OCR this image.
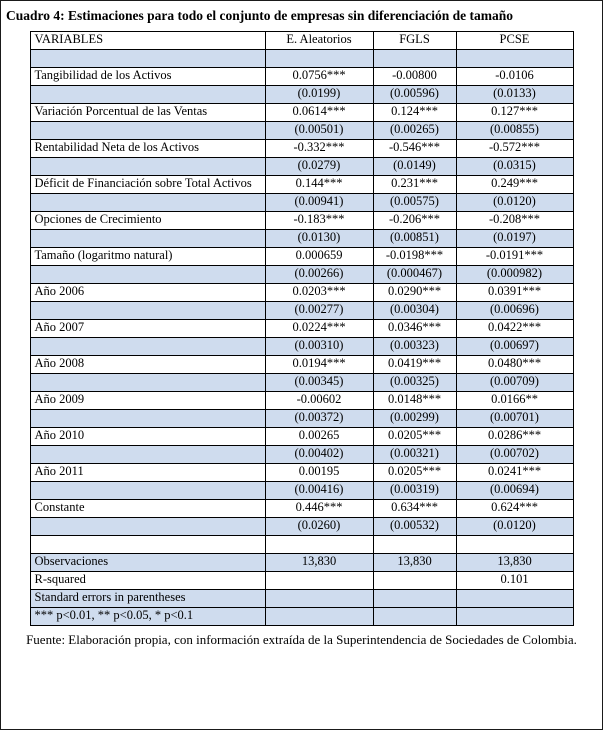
Cuadro 4: Estimaciones para todo el conjunto de empresas sin diferenciación de tamaño
VARIABLES	E. Aleatorios	FGLS	PCSE

Tangibilidad de los Activos	0.0756***	-0.00800	-0.0106
	(0.0199)	(0.00596)	(0.0133)
Variación Porcentual de las Ventas	0.0614***	0.124***	0.127***
	(0.00501)	(0.00265)	(0.00855)
Rentabilidad Neta de los Activos	-0.332***	-0.546***	-0.572***
	(0.0279)	(0.0149)	(0.0315)
Déficit de Financiación sobre Total Activos	0.144***	0.231***	0.249***
	(0.00941)	(0.00575)	(0.0120)
Opciones de Crecimiento	-0.183***	-0.206***	-0.208***
	(0.0130)	(0.00851)	(0.0197)
Tamaño (logaritmo natural)	0.000659	-0.0198***	-0.0191***
	(0.00266)	(0.000467)	(0.000982)
Año 2006	0.0203***	0.0290***	0.0391***
	(0.00277)	(0.00304)	(0.00696)
Año 2007	0.0224***	0.0346***	0.0422***
	(0.00310)	(0.00323)	(0.00697)
Año 2008	0.0194***	0.0419***	0.0480***
	(0.00345)	(0.00325)	(0.00709)
Año 2009	-0.00602	0.0148***	0.0166**
	(0.00372)	(0.00299)	(0.00701)
Año 2010	0.00265	0.0205***	0.0286***
	(0.00402)	(0.00321)	(0.00702)
Año 2011	0.00195	0.0205***	0.0241***
	(0.00416)	(0.00319)	(0.00694)
Constante	0.446***	0.634***	0.624***
	(0.0260)	(0.00532)	(0.0120)

Observaciones	13,830	13,830	13,830
R-squared			0.101
Standard errors in parentheses			
*** p<0.01, ** p<0.05, * p<0.1			
Fuente: Elaboración propia, con información extraída de la Superintendencia de Sociedades de Colombia.
